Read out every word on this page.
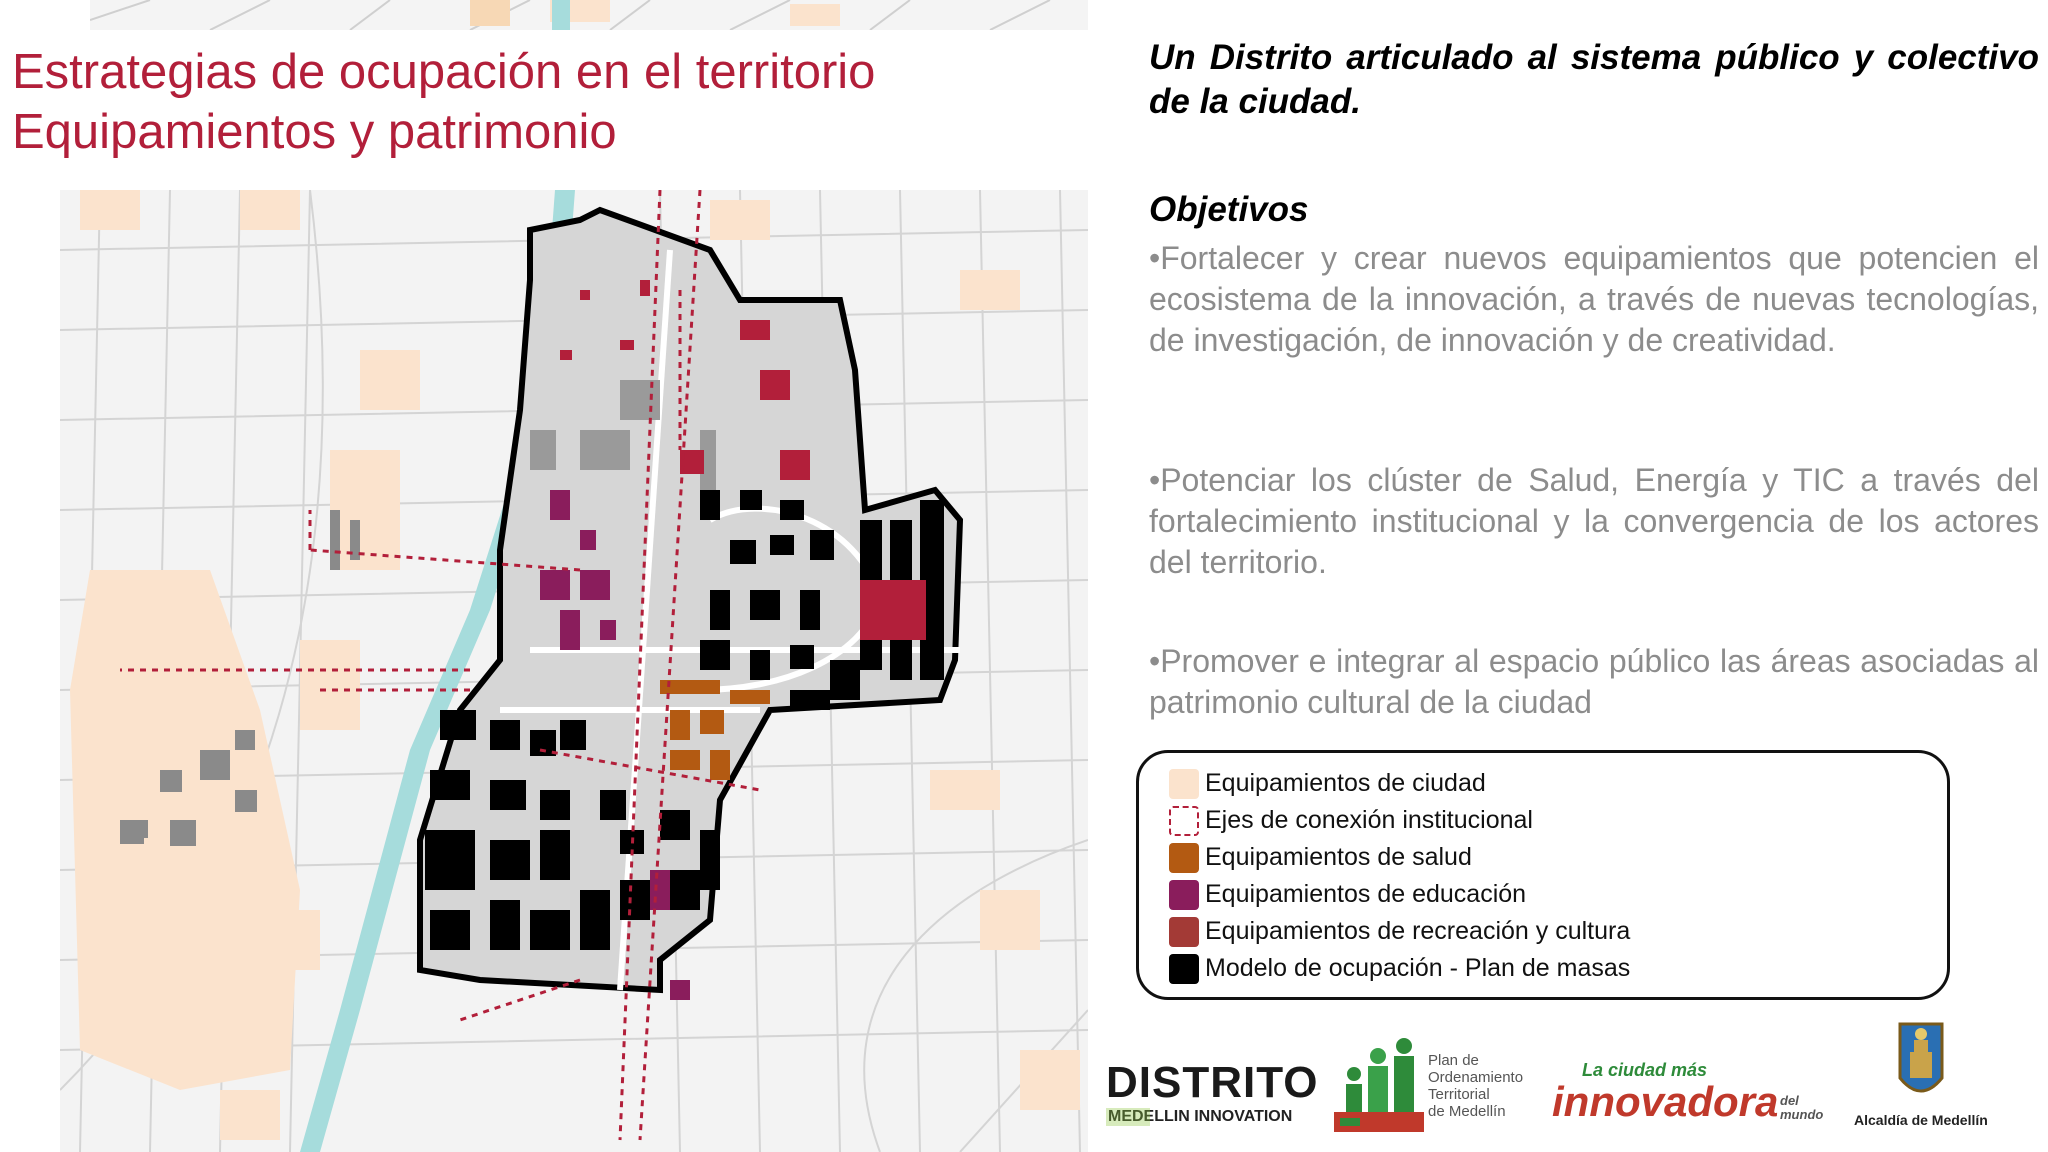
Estrategias de ocupación en el territorio
Equipamientos y patrimonio
Un Distrito articulado al sistema público y colectivo de la ciudad.
Objetivos
•Fortalecer y crear nuevos equipamientos que potencien el ecosistema de la innovación, a través de nuevas tecnologías, de investigación, de innovación y de creatividad.
•Potenciar los clúster de Salud, Energía y TIC a través del fortalecimiento institucional y la convergencia de los actores del territorio.
•Promover e integrar al espacio público las áreas asociadas al patrimonio cultural de la ciudad
Equipamientos de ciudad
Ejes de conexión institucional
Equipamientos de salud
Equipamientos de educación
Equipamientos de recreación y cultura
Modelo de ocupación - Plan de masas
DISTRITO
MEDELLIN INNOVATION
Plan de
Ordenamiento
Territorial
de Medellín
La ciudad más
innovadora del mundo	Alcaldía de Medellín
